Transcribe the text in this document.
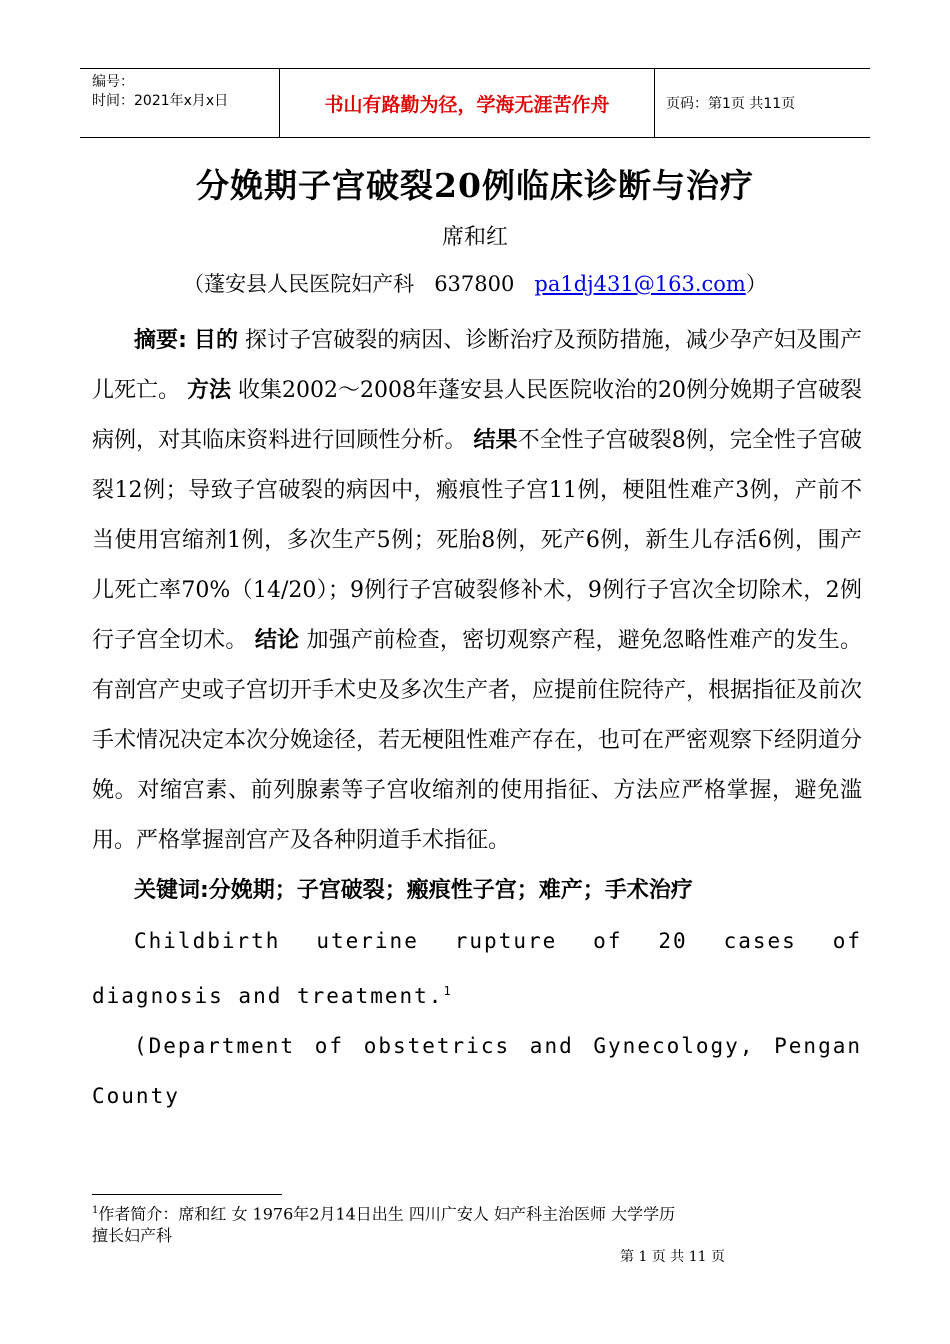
编号：
时间：2021年x月x日	书山有路勤为径，学海无涯苦作舟	页码：第1页 共11页
分娩期子宫破裂20例临床诊断与治疗
席和红
（蓬安县人民医院妇产科   637800   pa1dj431@163.com）

摘要: 目的 探讨子宫破裂的病因、诊断治疗及预防措施，减少孕产妇及围产儿死亡。 方法 收集2002～2008年蓬安县人民医院收治的20例分娩期子宫破裂病例，对其临床资料进行回顾性分析。 结果不全性子宫破裂8例，完全性子宫破裂12例；导致子宫破裂的病因中，瘢痕性子宫11例，梗阻性难产3例，产前不当使用宫缩剂1例，多次生产5例；死胎8例，死产6例，新生儿存活6例，围产儿死亡率70%（14/20）；9例行子宫破裂修补术，9例行子宫次全切除术，2例行子宫全切术。 结论 加强产前检查，密切观察产程，避免忽略性难产的发生。有剖宫产史或子宫切开手术史及多次生产者，应提前住院待产，根据指征及前次手术情况决定本次分娩途径，若无梗阻性难产存在，也可在严密观察下经阴道分娩。对缩宫素、前列腺素等子宫收缩剂的使用指征、方法应严格掌握，避免滥用。严格掌握剖宫产及各种阴道手术指征。

关键词:分娩期；子宫破裂；瘢痕性子宫；难产；手术治疗

Childbirth uterine rupture of 20 cases of diagnosis and treatment.$^1$

(Department of obstetrics and Gynecology, Pengan County

$^1$作者简介：席和红 女 1976年2月14日出生 四川广安人 妇产科主治医师 大学学历
擅长妇产科
第 1 页 共 11 页
